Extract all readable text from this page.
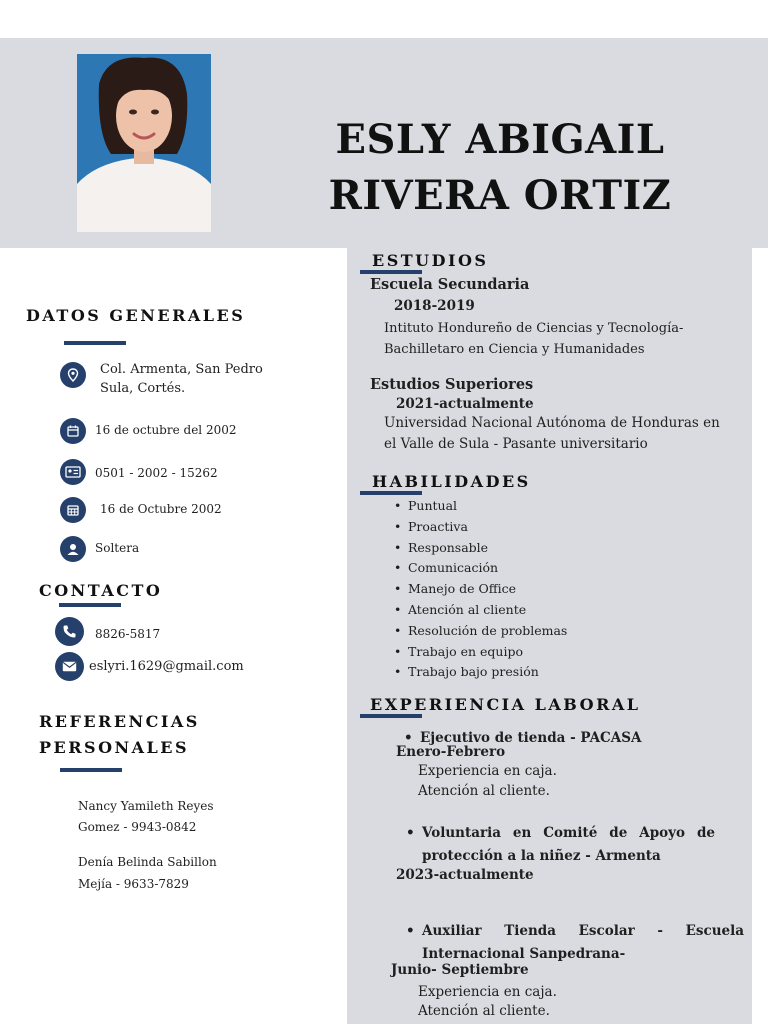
ESLY ABIGAIL RIVERA ORTIZ
DATOS GENERALES
Col. Armenta, San Pedro Sula, Cortés.
16 de octubre del 2002
0501 - 2002 - 15262
16 de Octubre 2002
Soltera
CONTACTO
8826-5817
eslyri.1629@gmail.com
REFERENCIAS
PERSONALES
Nancy Yamileth Reyes
Gomez - 9943-0842
Denía Belinda Sabillon
Mejía - 9633-7829
ESTUDIOS
Escuela Secundaria
2018-2019
Intituto Hondureño de Ciencias y Tecnología-
Bachilletaro en Ciencia y Humanidades
Estudios Superiores
2021-actualmente
Universidad Nacional Autónoma de Honduras en
el Valle de Sula - Pasante universitario
HABILIDADES
• Puntual
• Proactiva
• Responsable
• Comunicación
• Manejo de Office
• Atención al cliente
• Resolución de problemas
• Trabajo en equipo
• Trabajo bajo presión
EXPERIENCIA LABORAL
• Ejecutivo de tienda - PACASA
Enero-Febrero
Experiencia en caja.
Atención al cliente.
• Voluntaria en Comité de Apoyo de
protección a la niñez - Armenta
2023-actualmente
• Auxiliar Tienda Escolar - Escuela
Internacional Sanpedrana-
Junio- Septiembre
Experiencia en caja.
Atención al cliente.
